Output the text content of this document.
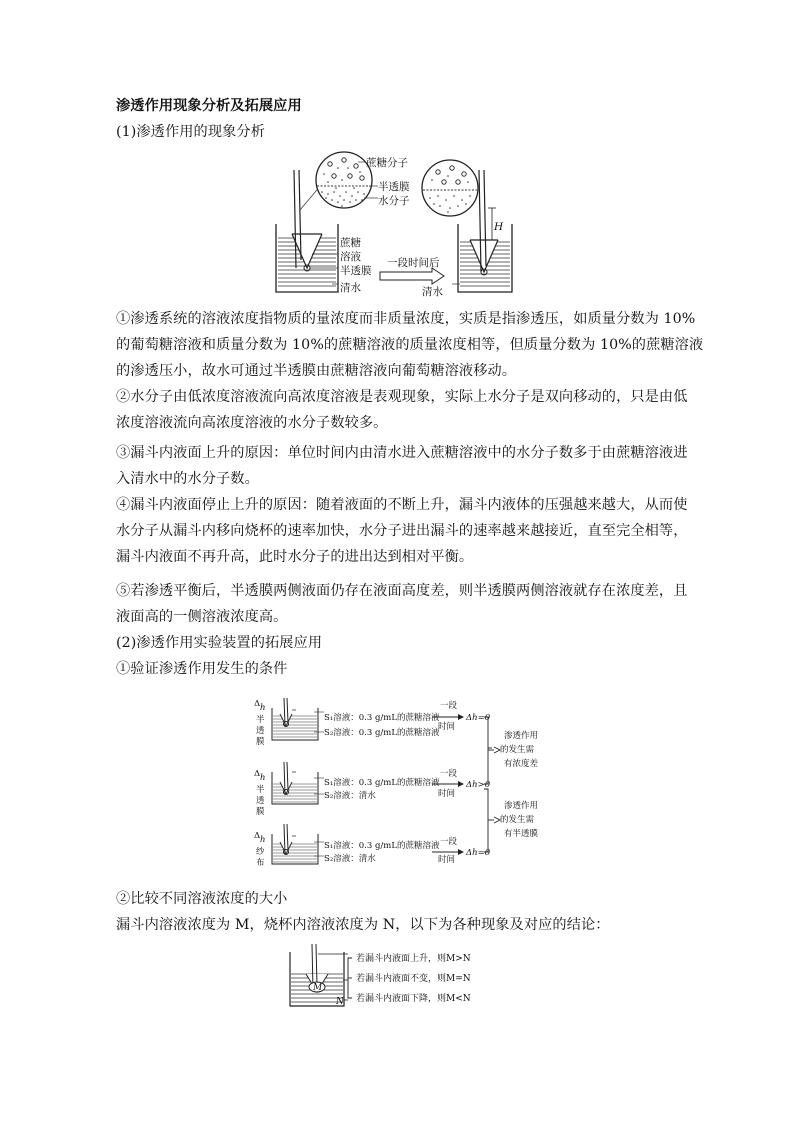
渗透作用现象分析及拓展应用
(1)渗透作用的现象分析
蔗糖分子
半透膜
水分子
蔗糖
溶液
半透膜
清水
一段时间后
H
清水
①渗透系统的溶液浓度指物质的量浓度而非质量浓度，实质是指渗透压，如质量分数为 10%
的葡萄糖溶液和质量分数为 10%的蔗糖溶液的质量浓度相等，但质量分数为 10%的蔗糖溶液
的渗透压小，故水可通过半透膜由蔗糖溶液向葡萄糖溶液移动。
②水分子由低浓度溶液流向高浓度溶液是表观现象，实际上水分子是双向移动的，只是由低
浓度溶液流向高浓度溶液的水分子数较多。
③漏斗内液面上升的原因：单位时间内由清水进入蔗糖溶液中的水分子数多于由蔗糖溶液进
入清水中的水分子数。
④漏斗内液面停止上升的原因：随着液面的不断上升，漏斗内液体的压强越来越大，从而使
水分子从漏斗内移向烧杯的速率加快，水分子进出漏斗的速率越来越接近，直至完全相等，
漏斗内液面不再升高，此时水分子的进出达到相对平衡。
⑤若渗透平衡后，半透膜两侧液面仍存在液面高度差，则半透膜两侧溶液就存在浓度差，且
液面高的一侧溶液浓度高。
(2)渗透作用实验装置的拓展应用
①验证渗透作用发生的条件
Δ h
半
透
膜
S₁溶液：0.3 g/mL的蔗糖溶液
S₂溶液：0.3 g/mL的蔗糖溶液
一段
时间
Δh=0
Δ h
半
透
膜
S₁溶液：0.3 g/mL的蔗糖溶液
S₂溶液：清水
一段
时间
Δh>0
Δ h
纱
布
S₁溶液：0.3 g/mL的蔗糖溶液
S₂溶液：清水
一段
时间
Δh=0
渗透作用
的发生需
有浓度差
渗透作用
的发生需
有半透膜
②比较不同溶液浓度的大小
漏斗内溶液浓度为 M，烧杯内溶液浓度为 N，以下为各种现象及对应的结论：
M
N
若漏斗内液面上升，则M>N
若漏斗内液面不变，则M=N
若漏斗内液面下降，则M<N
